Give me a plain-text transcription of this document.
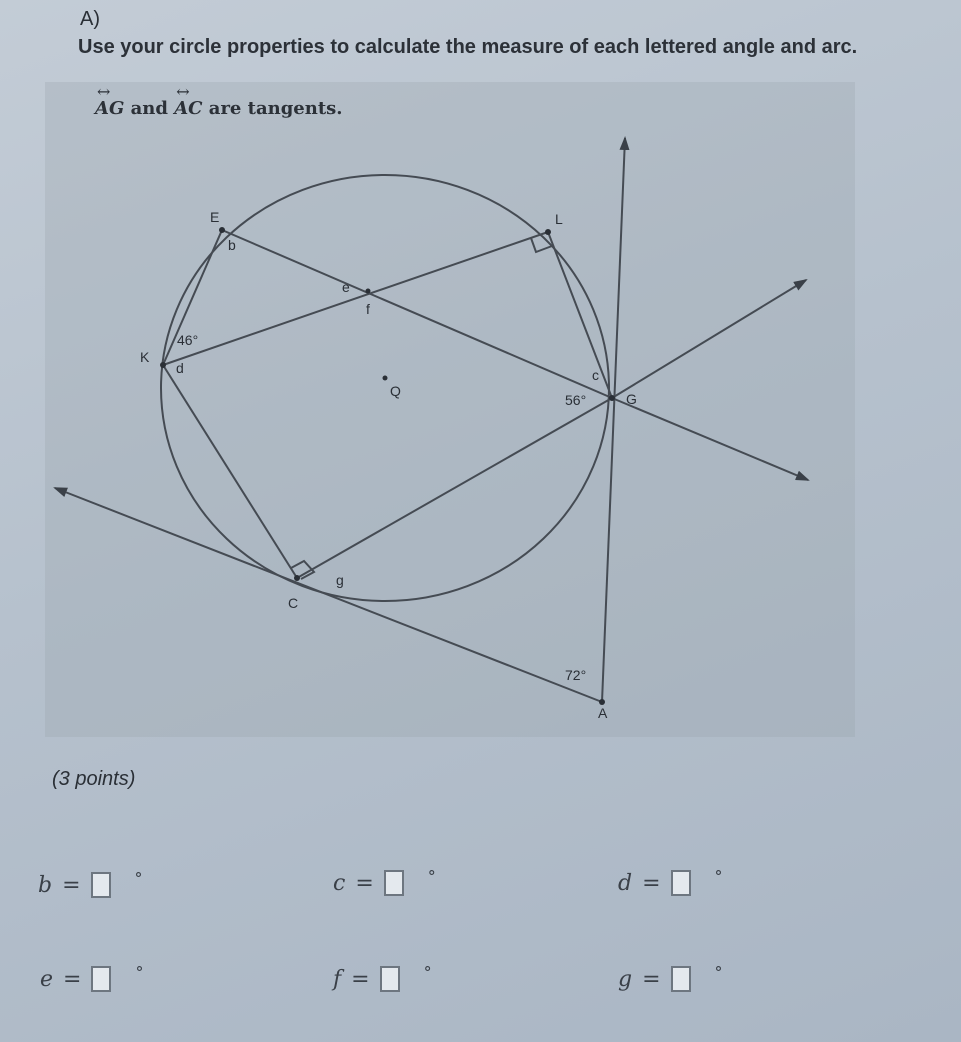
A)
Use your circle properties to calculate the measure of each lettered angle and arc.
↔ AG and ↔ AC are tangents.
E	L
K
G
C
A
Q
b
c
d
e
f
g
46°
56°
72°
(3 points)
b =	°	c =	°	d =	°
e =	°	f =	°	g =	°
